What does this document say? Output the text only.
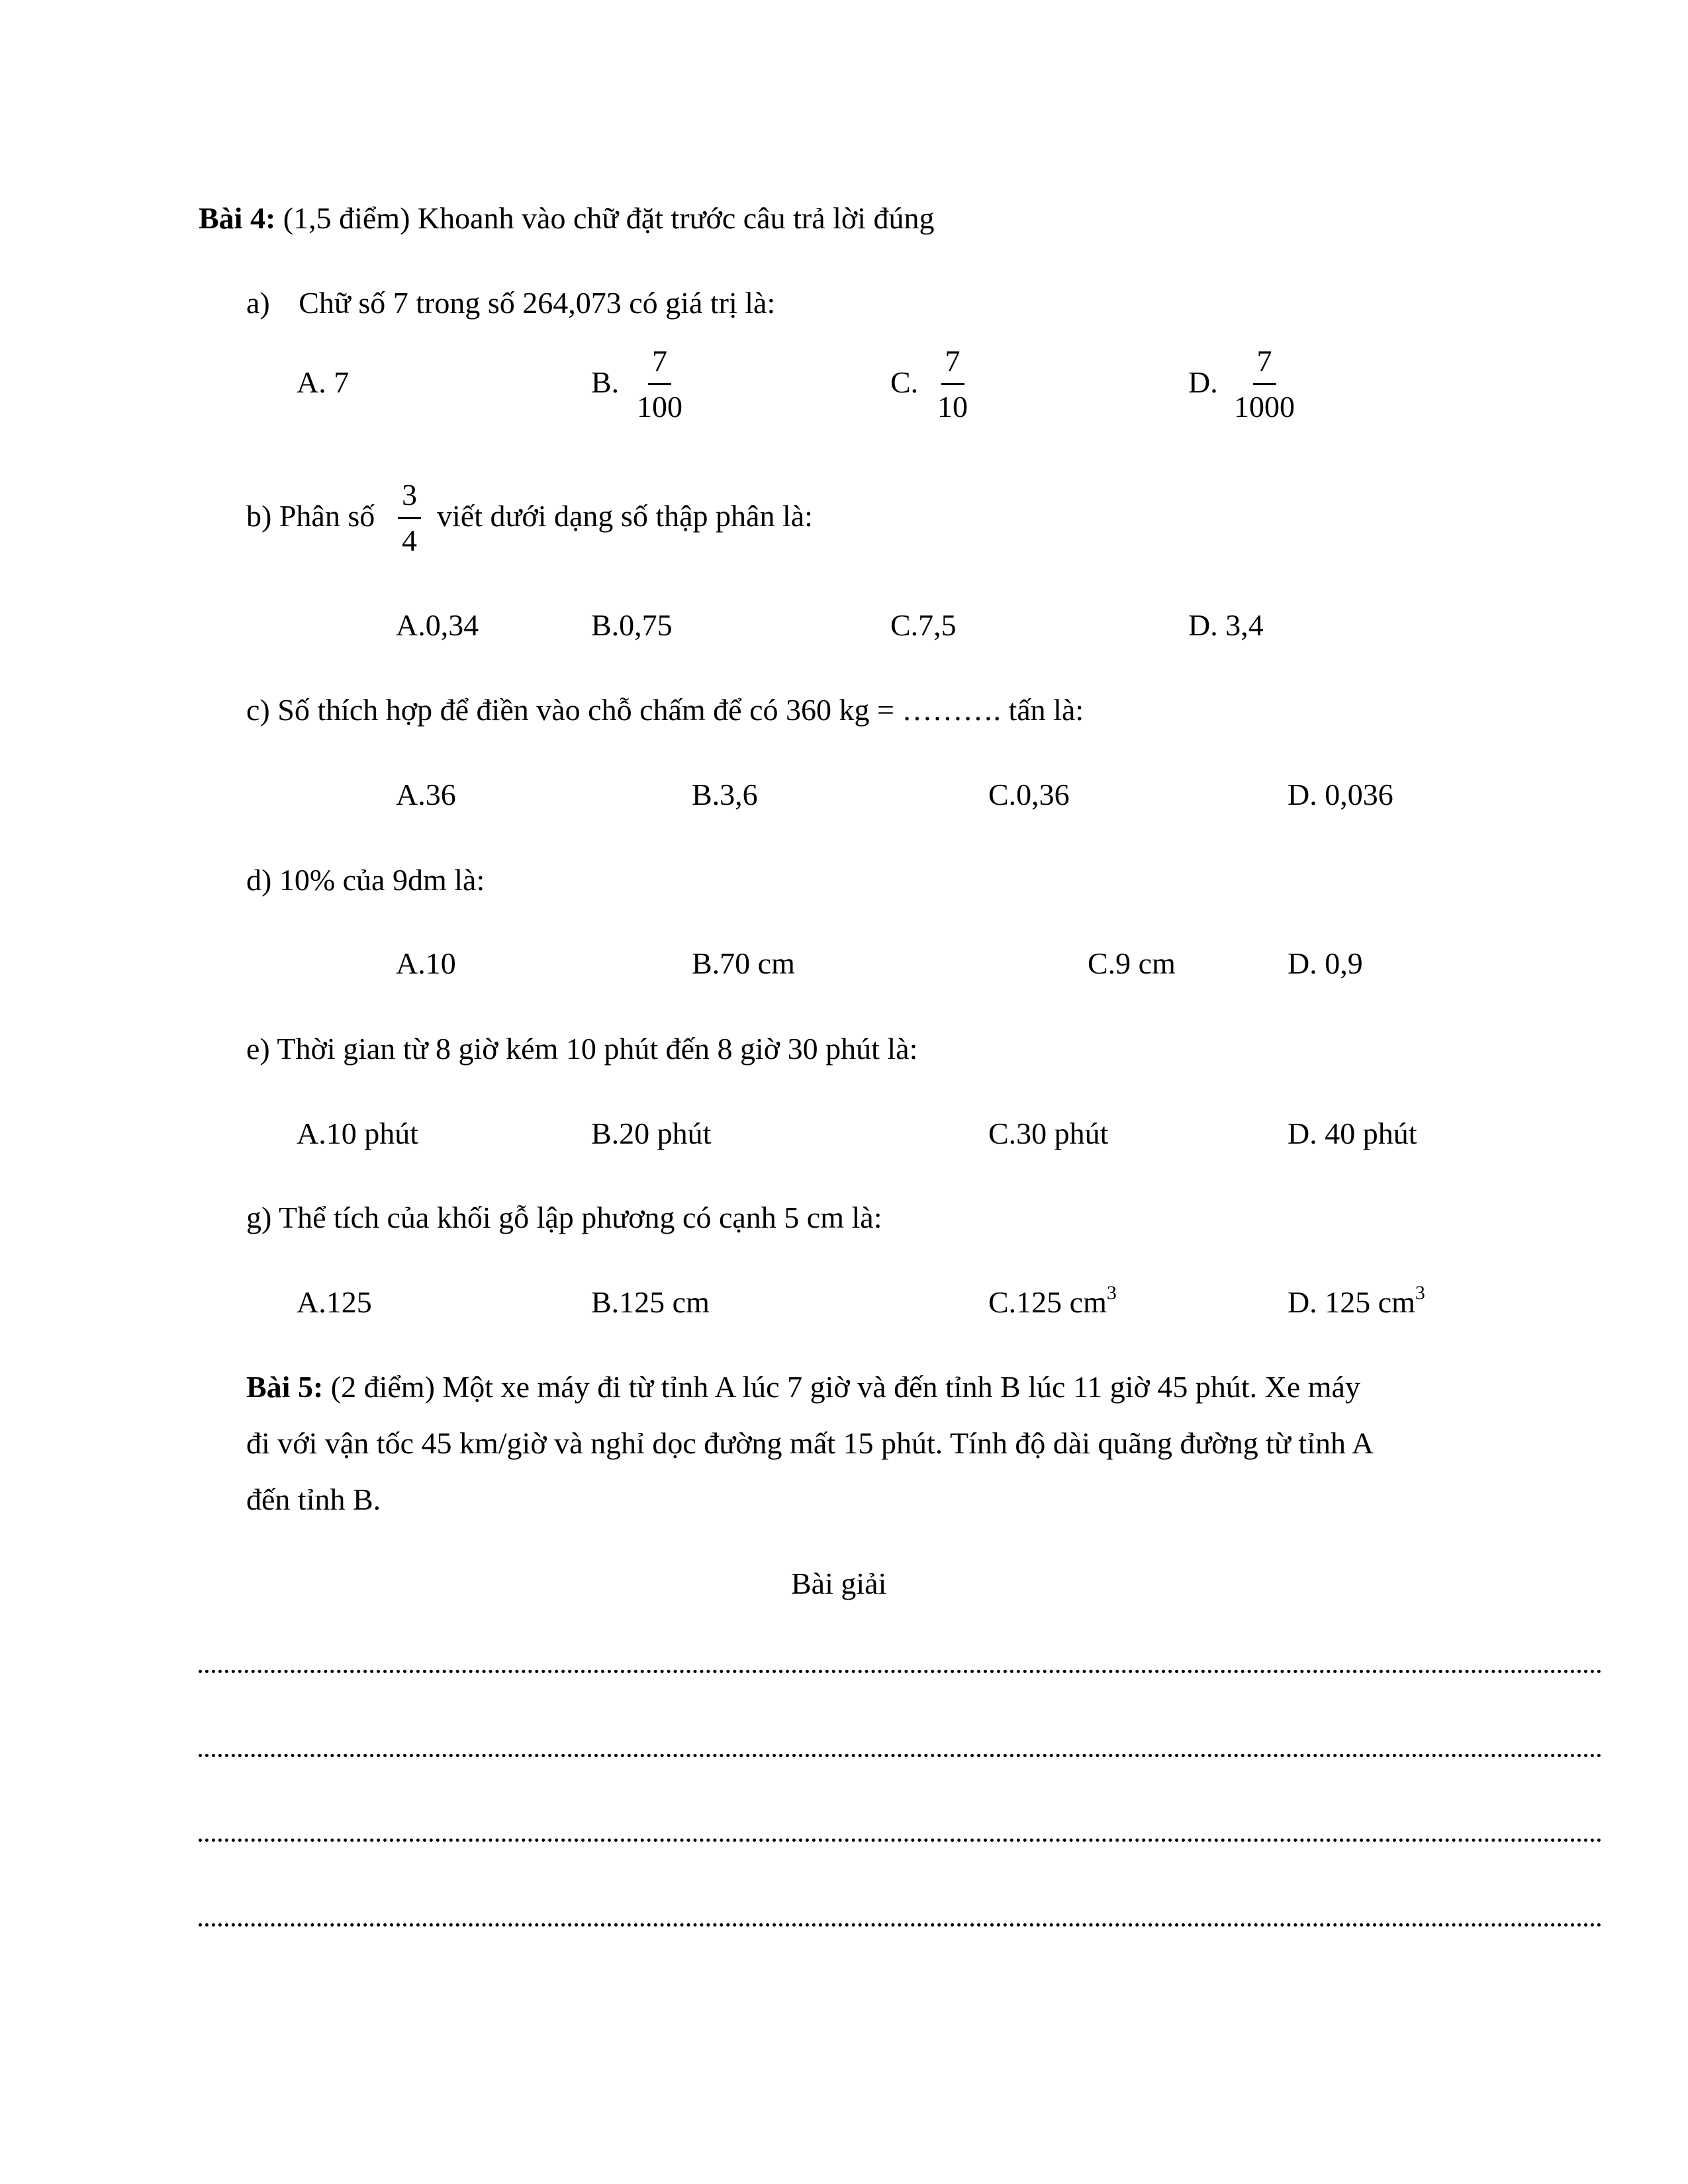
Bài 4: (1,5 điểm) Khoanh vào chữ đặt trước câu trả lời đúng
a) Chữ số 7 trong số 264,073 có giá trị là:
A. 7	B. $\frac{7}{100}$	C. $\frac{7}{10}$	D. $\frac{7}{1000}$
b) Phân số $\frac{3}{4}$ viết dưới dạng số thập phân là:
A.0,34	B.0,75	C.7,5	D. 3,4
c) Số thích hợp để điền vào chỗ chấm để có 360 kg = ………. tấn là:
A.36	B.3,6	C.0,36	D. 0,036
d) 10% của 9dm là:
A.10	B.70 cm	C.9 cm	D. 0,9
e) Thời gian từ 8 giờ kém 10 phút đến 8 giờ 30 phút là:
A.10 phút	B.20 phút	C.30 phút	D. 40 phút
g) Thể tích của khối gỗ lập phương có cạnh 5 cm là:
A.125	B.125 cm	C.125 $cm^3$	D. 125 $cm^3$
Bài 5: (2 điểm) Một xe máy đi từ tỉnh A lúc 7 giờ và đến tỉnh B lúc 11 giờ 45 phút. Xe máy
đi với vận tốc 45 km/giờ và nghỉ dọc đường mất 15 phút. Tính độ dài quãng đường từ tỉnh A
đến tỉnh B.
Bài giải
